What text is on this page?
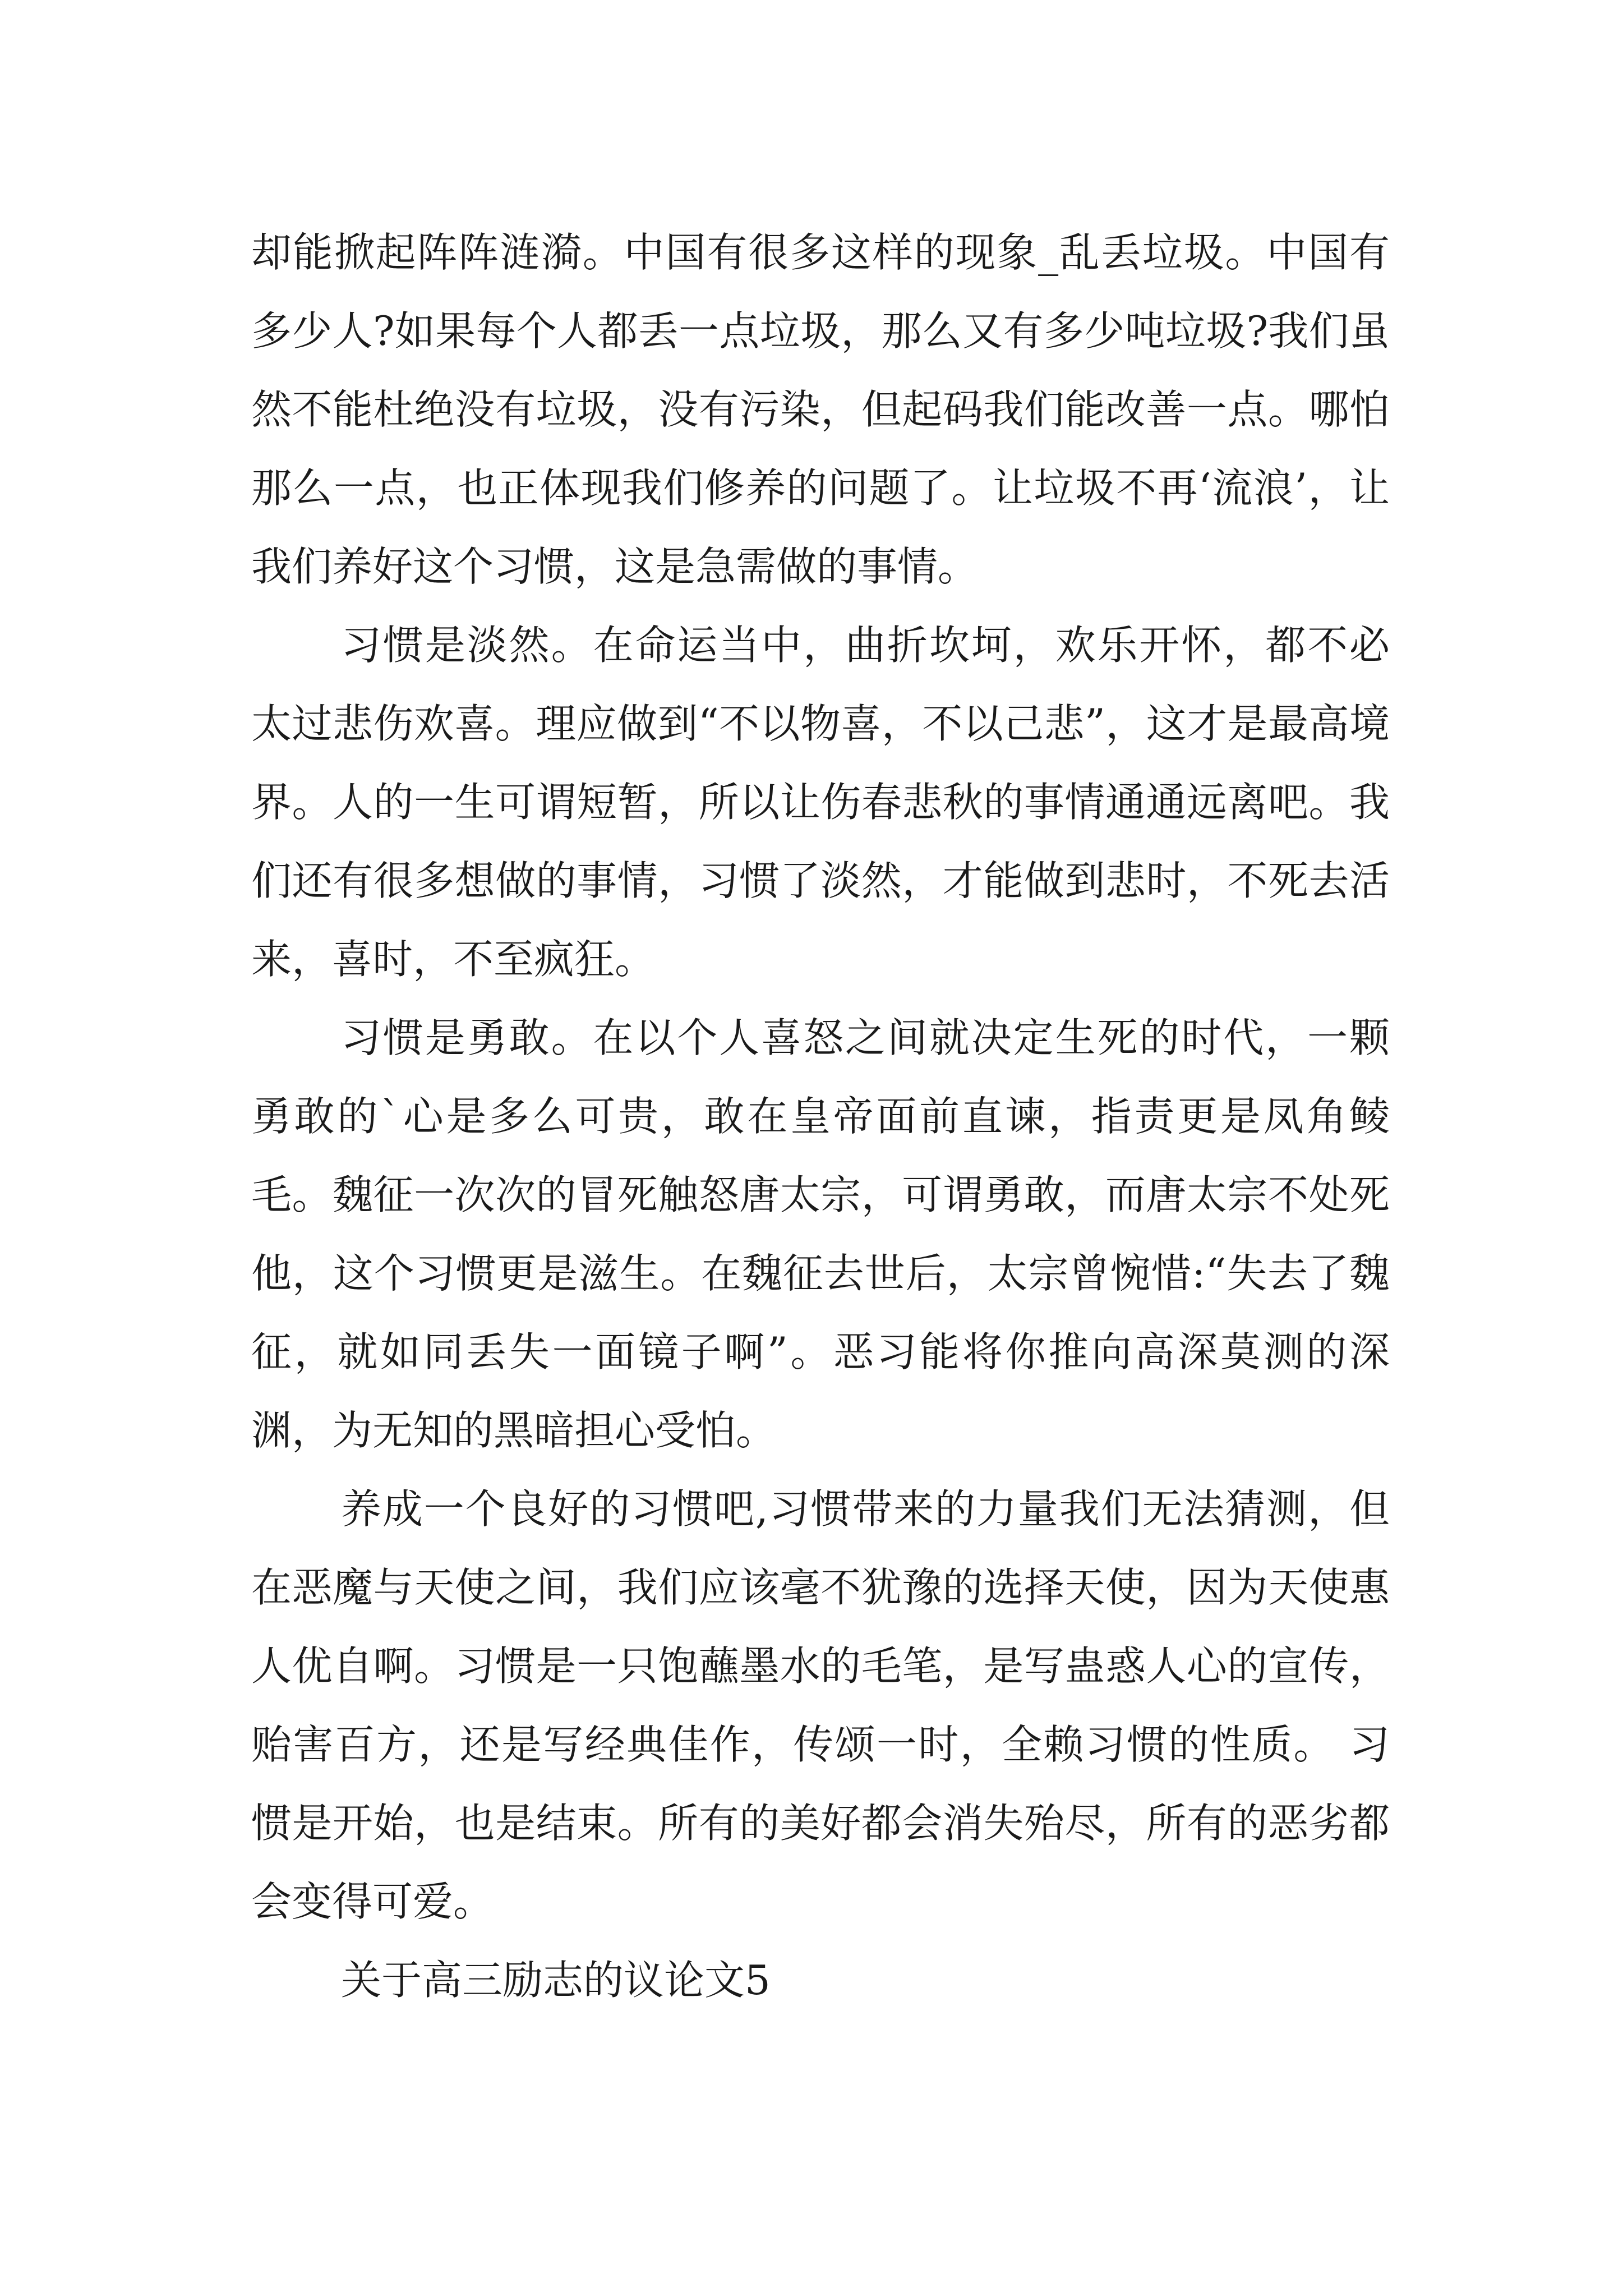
却能掀起阵阵涟漪。中国有很多这样的现象_乱丢垃圾。中国有多少人?如果每个人都丢一点垃圾，那么又有多少吨垃圾?我们虽然不能杜绝没有垃圾，没有污染，但起码我们能改善一点。哪怕那么一点，也正体现我们修养的问题了。让垃圾不再‘流浪’，让我们养好这个习惯，这是急需做的事情。

习惯是淡然。在命运当中，曲折坎坷，欢乐开怀，都不必太过悲伤欢喜。理应做到“不以物喜，不以己悲”，这才是最高境界。人的一生可谓短暂，所以让伤春悲秋的事情通通远离吧。我们还有很多想做的事情，习惯了淡然，才能做到悲时，不死去活来，喜时，不至疯狂。

习惯是勇敢。在以个人喜怒之间就决定生死的时代，一颗勇敢的`心是多么可贵，敢在皇帝面前直谏，指责更是凤角鲮毛。魏征一次次的冒死触怒唐太宗，可谓勇敢，而唐太宗不处死他，这个习惯更是滋生。在魏征去世后，太宗曾惋惜:“失去了魏征，就如同丢失一面镜子啊”。恶习能将你推向高深莫测的深渊，为无知的黑暗担心受怕。

养成一个良好的习惯吧,习惯带来的力量我们无法猜测，但在恶魔与天使之间，我们应该毫不犹豫的选择天使，因为天使惠人优自啊。习惯是一只饱蘸墨水的毛笔，是写蛊惑人心的宣传，贻害百方，还是写经典佳作，传颂一时，全赖习惯的性质。 习惯是开始，也是结束。所有的美好都会消失殆尽，所有的恶劣都会变得可爱。

关于高三励志的议论文5
